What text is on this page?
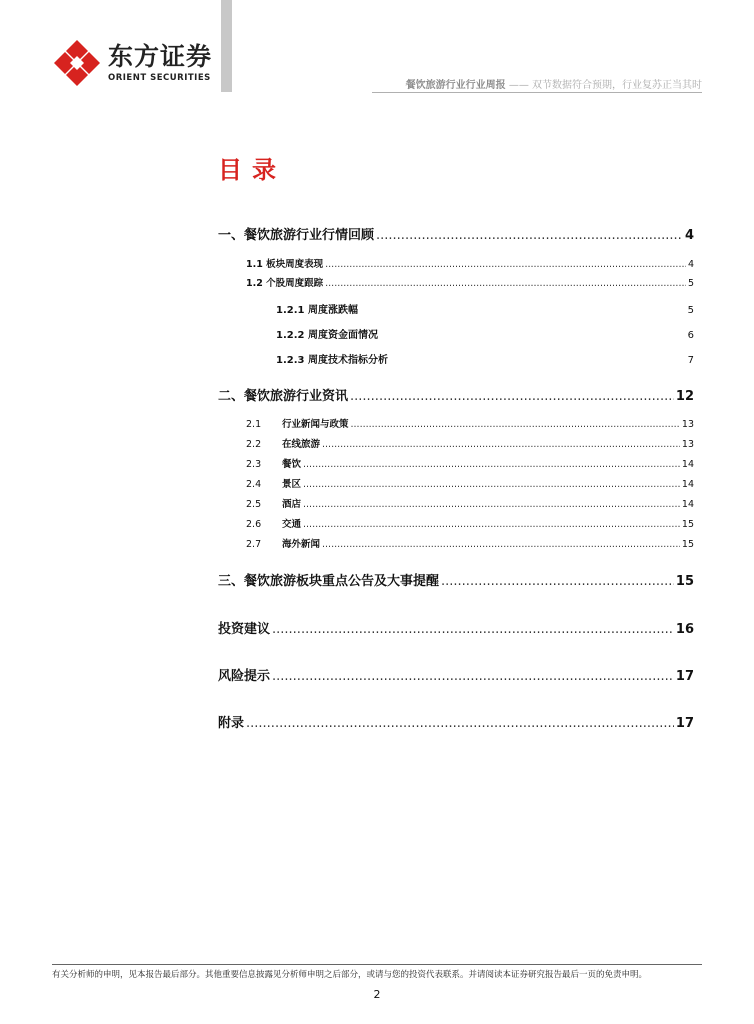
东方证券
ORIENT SECURITIES
餐饮旅游行业行业周报 —— 双节数据符合预期，行业复苏正当其时
目录
一、餐饮旅游行业行情回顾 .....	4
1.1 板块周度表现 .....	4
1.2 个股周度跟踪 .....	5
1.2.1 周度涨跌幅	5
1.2.2 周度资金面情况	6
1.2.3 周度技术指标分析	7
二、餐饮旅游行业资讯 .....	12
2.1	行业新闻与政策 .....	13
2.2	在线旅游 .....	13
2.3	餐饮 .....	14
2.4	景区 .....	14
2.5	酒店 .....	14
2.6	交通 .....	15
2.7	海外新闻 .....	15
三、餐饮旅游板块重点公告及大事提醒 .....	15
投资建议 .....	16
风险提示 .....	17
附录 .....	17
有关分析师的申明，见本报告最后部分。其他重要信息披露见分析师申明之后部分，或请与您的投资代表联系。并请阅读本证券研究报告最后一页的免责申明。
2
